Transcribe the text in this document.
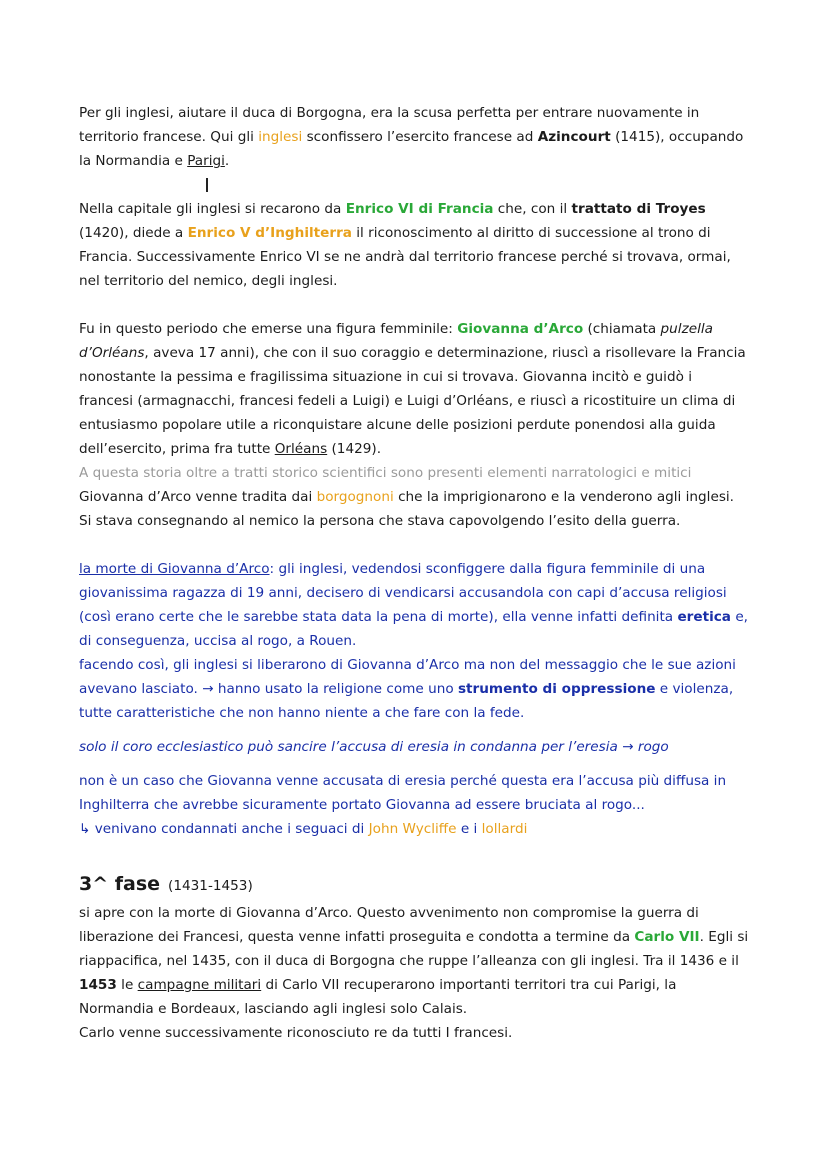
Per gli inglesi, aiutare il duca di Borgogna, era la scusa perfetta per entrare nuovamente in territorio francese. Qui gli inglesi sconfissero l’esercito francese ad Azincourt (1415), occupando la Normandia e Parigi.

Nella capitale gli inglesi si recarono da Enrico VI di Francia che, con il trattato di Troyes (1420), diede a Enrico V d’Inghilterra il riconoscimento al diritto di successione al trono di Francia. Successivamente Enrico VI se ne andrà dal territorio francese perché si trovava, ormai, nel territorio del nemico, degli inglesi.

Fu in questo periodo che emerse una figura femminile: Giovanna d’Arco (chiamata pulzella d’Orléans, aveva 17 anni), che con il suo coraggio e determinazione, riuscì a risollevare la Francia nonostante la pessima e fragilissima situazione in cui si trovava. Giovanna incitò e guidò i francesi (armagnacchi, francesi fedeli a Luigi) e Luigi d’Orléans, e riuscì a ricostituire un clima di entusiasmo popolare utile a riconquistare alcune delle posizioni perdute ponendosi alla guida dell’esercito, prima fra tutte Orléans (1429).

A questa storia oltre a tratti storico scientifici sono presenti elementi narratologici e mitici

Giovanna d’Arco venne tradita dai borgognoni che la imprigionarono e la venderono agli inglesi.

Si stava consegnando al nemico la persona che stava capovolgendo l’esito della guerra.

la morte di Giovanna d’Arco: gli inglesi, vedendosi sconfiggere dalla figura femminile di una giovanissima ragazza di 19 anni, decisero di vendicarsi accusandola con capi d’accusa religiosi (così erano certe che le sarebbe stata data la pena di morte), ella venne infatti definita eretica e, di conseguenza, uccisa al rogo, a Rouen.

facendo così, gli inglesi si liberarono di Giovanna d’Arco ma non del messaggio che le sue azioni avevano lasciato. → hanno usato la religione come uno strumento di oppressione e violenza, tutte caratteristiche che non hanno niente a che fare con la fede.

solo il coro ecclesiastico può sancire l’accusa di eresia in condanna per l’eresia → rogo

non è un caso che Giovanna venne accusata di eresia perché questa era l’accusa più diffusa in Inghilterra che avrebbe sicuramente portato Giovanna ad essere bruciata al rogo...

↳ venivano condannati anche i seguaci di John Wycliffe e i lollardi

3^ fase (1431-1453)

si apre con la morte di Giovanna d’Arco. Questo avvenimento non compromise la guerra di liberazione dei Francesi, questa venne infatti proseguita e condotta a termine da Carlo VII. Egli si riappacifica, nel 1435, con il duca di Borgogna che ruppe l’alleanza con gli inglesi. Tra il 1436 e il 1453 le campagne militari di Carlo VII recuperarono importanti territori tra cui Parigi, la Normandia e Bordeaux, lasciando agli inglesi solo Calais.

Carlo venne successivamente riconosciuto re da tutti I francesi.
